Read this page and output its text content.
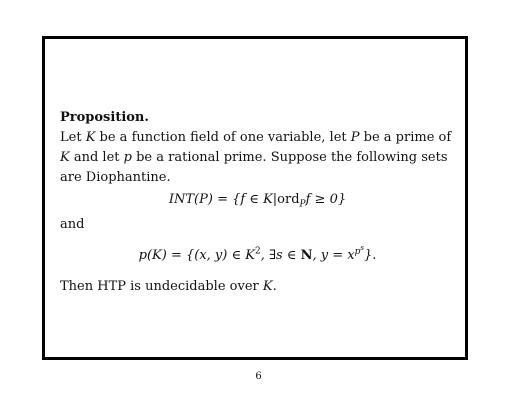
Proposition.

Let K be a function field of one variable, let P be a prime of K and let p be a rational prime. Suppose the following sets are Diophantine.

INT(P) = {f ∈ K|ord$_P$f ≥ 0}

and

p(K) = {(x, y) ∈ $K^2$, ∃s ∈ N, $y = x^{p^s}$}.

Then HTP is undecidable over K.

6
